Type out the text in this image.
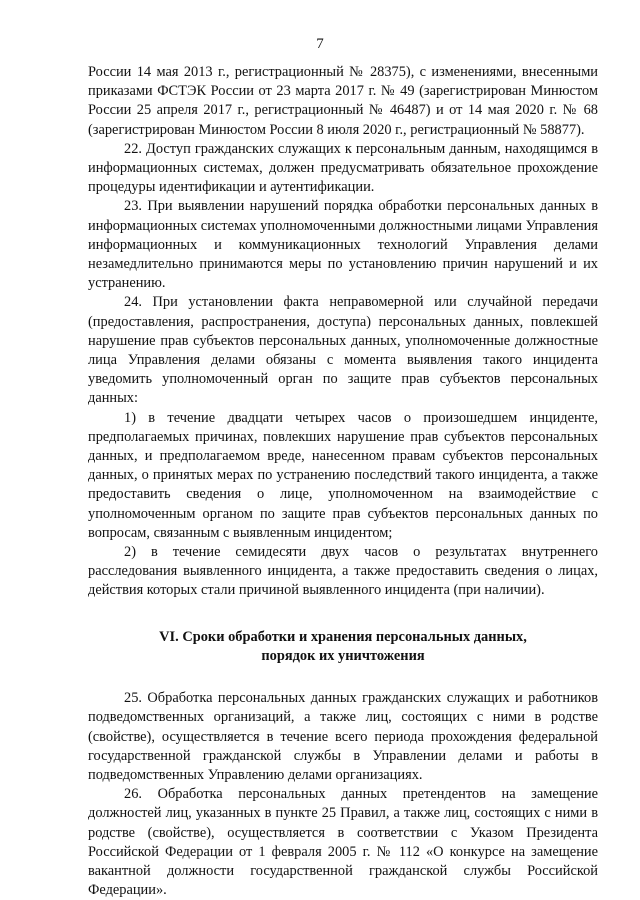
7

России 14 мая 2013 г., регистрационный № 28375), с изменениями, внесенными приказами ФСТЭК России от 23 марта 2017 г. № 49 (зарегистрирован Минюстом России 25 апреля 2017 г., регистрационный № 46487) и от 14 мая 2020 г. № 68 (зарегистрирован Минюстом России 8 июля 2020 г., регистрационный № 58877).

22. Доступ гражданских служащих к персональным данным, находящимся в информационных системах, должен предусматривать обязательное прохождение процедуры идентификации и аутентификации.

23. При выявлении нарушений порядка обработки персональных данных в информационных системах уполномоченными должностными лицами Управления информационных и коммуникационных технологий Управления делами незамедлительно принимаются меры по установлению причин нарушений и их устранению.

24. При установлении факта неправомерной или случайной передачи (предоставления, распространения, доступа) персональных данных, повлекшей нарушение прав субъектов персональных данных, уполномоченные должностные лица Управления делами обязаны с момента выявления такого инцидента уведомить уполномоченный орган по защите прав субъектов персональных данных:

1) в течение двадцати четырех часов о произошедшем инциденте, предполагаемых причинах, повлекших нарушение прав субъектов персональных данных, и предполагаемом вреде, нанесенном правам субъектов персональных данных, о принятых мерах по устранению последствий такого инцидента, а также предоставить сведения о лице, уполномоченном на взаимодействие с уполномоченным органом по защите прав субъектов персональных данных по вопросам, связанным с выявленным инцидентом;

2) в течение семидесяти двух часов о результатах внутреннего расследования выявленного инцидента, а также предоставить сведения о лицах, действия которых стали причиной выявленного инцидента (при наличии).

VI. Сроки обработки и хранения персональных данных,
порядок их уничтожения

25. Обработка персональных данных гражданских служащих и работников подведомственных организаций, а также лиц, состоящих с ними в родстве (свойстве), осуществляется в течение всего периода прохождения федеральной государственной гражданской службы в Управлении делами и работы в подведомственных Управлению делами организациях.

26. Обработка персональных данных претендентов на замещение должностей лиц, указанных в пункте 25 Правил, а также лиц, состоящих с ними в родстве (свойстве), осуществляется в соответствии с Указом Президента Российской Федерации от 1 февраля 2005 г. № 112 «О конкурсе на замещение вакантной должности государственной гражданской службы Российской Федерации».
